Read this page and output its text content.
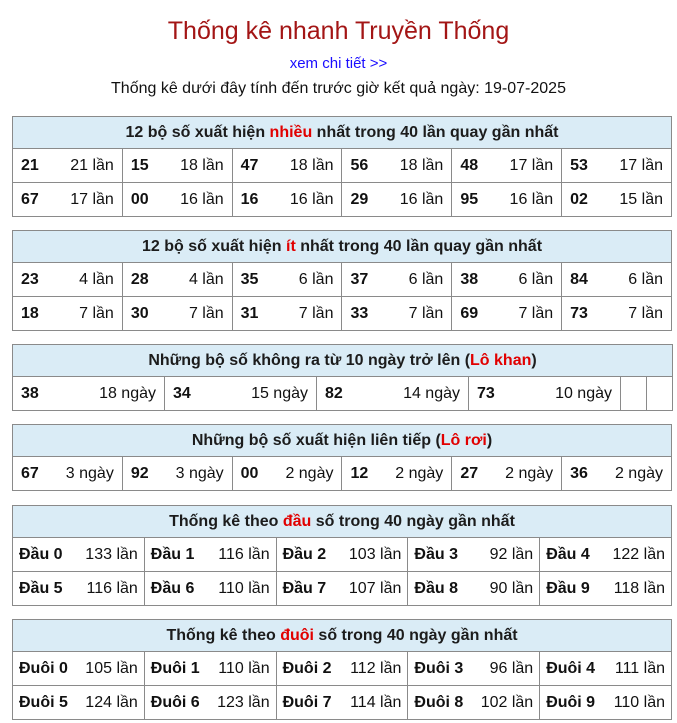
Thống kê nhanh Truyền Thống
xem chi tiết >>
Thống kê dưới đây tính đến trước giờ kết quả ngày: 19-07-2025
12 bộ số xuất hiện nhiều nhất trong 40 lần quay gần nhất					

21 21 lần	15 18 lần	47 18 lần	56 18 lần	48 17 lần	53 17 lần

67 17 lần	00 16 lần	16 16 lần	29 16 lần	95 16 lần	02 15 lần
12 bộ số xuất hiện ít nhất trong 40 lần quay gần nhất					

23 4 lần	28 4 lần	35 6 lần	37 6 lần	38 6 lần	84 6 lần

18 7 lần	30 7 lần	31 7 lần	33 7 lần	69 7 lần	73 7 lần
Những bộ số không ra từ 10 ngày trở lên (Lô khan)

38	18 ngày	34	15 ngày	82	14 ngày	73	10 ngày

Những bộ số xuất hiện liên tiếp (Lô rơi)

67 3 ngày	92 3 ngày	00 2 ngày	12 2 ngày	27 2 ngày	36 2 ngày
Thống kê theo đầu số trong 40 ngày gần nhất				

Đầu 0 133 lần	Đầu 1 116 lần	Đầu 2 103 lần	Đầu 3 92 lần	Đầu 4 122 lần

Đầu 5 116 lần	Đầu 6 110 lần	Đầu 7 107 lần	Đầu 8 90 lần	Đầu 9 118 lần
Thống kê theo đuôi số trong 40 ngày gần nhất				

Đuôi 0 105 lần	Đuôi 1 110 lần	Đuôi 2 112 lần	Đuôi 3 96 lần	Đuôi 4 111 lần

Đuôi 5 124 lần	Đuôi 6 123 lần	Đuôi 7 114 lần	Đuôi 8 102 lần	Đuôi 9 110 lần
